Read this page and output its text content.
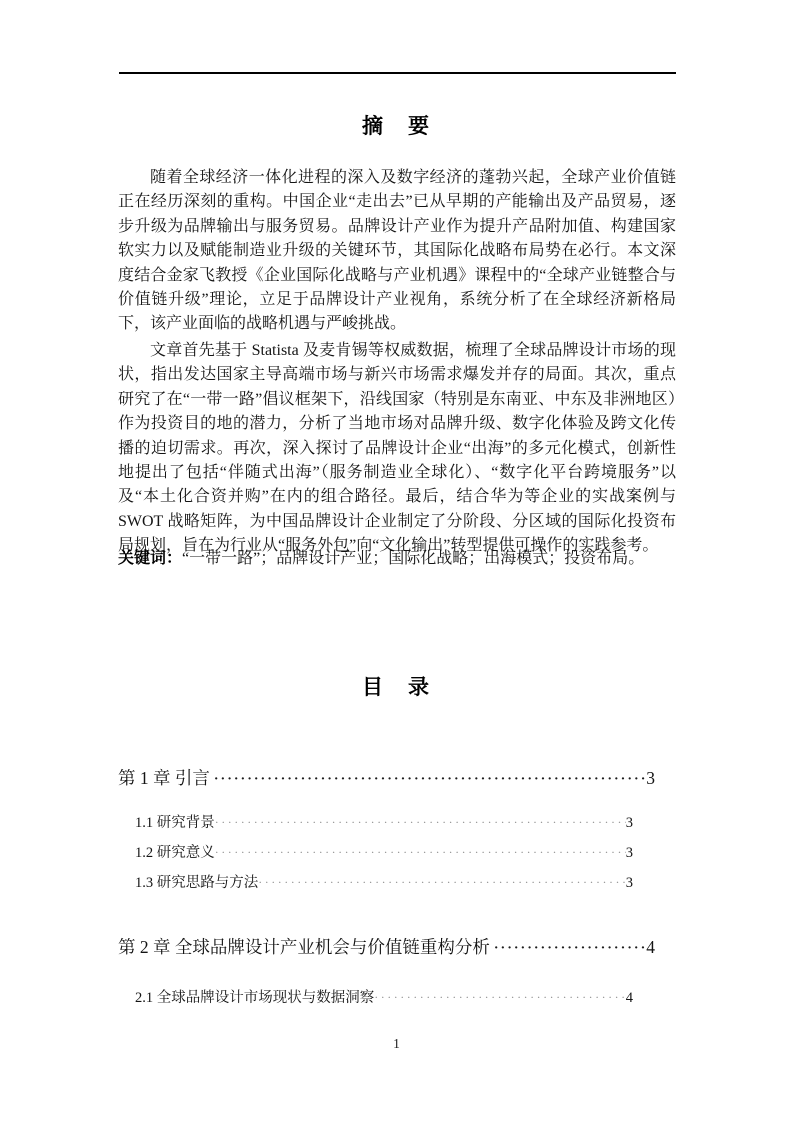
摘　要

随着全球经济一体化进程的深入及数字经济的蓬勃兴起，全球产业价值链正在经历深刻的重构。中国企业“走出去”已从早期的产能输出及产品贸易，逐步升级为品牌输出与服务贸易。品牌设计产业作为提升产品附加值、构建国家软实力以及赋能制造业升级的关键环节，其国际化战略布局势在必行。本文深度结合金家飞教授《企业国际化战略与产业机遇》课程中的“全球产业链整合与价值链升级”理论，立足于品牌设计产业视角，系统分析了在全球经济新格局下，该产业面临的战略机遇与严峻挑战。

文章首先基于 Statista 及麦肯锡等权威数据，梳理了全球品牌设计市场的现状，指出发达国家主导高端市场与新兴市场需求爆发并存的局面。其次，重点研究了在“一带一路”倡议框架下，沿线国家（特别是东南亚、中东及非洲地区）作为投资目的地的潜力，分析了当地市场对品牌升级、数字化体验及跨文化传播的迫切需求。再次，深入探讨了品牌设计企业“出海”的多元化模式，创新性地提出了包括“伴随式出海”（服务制造业全球化）、“数字化平台跨境服务”以及“本土化合资并购”在内的组合路径。最后，结合华为等企业的实战案例与 SWOT 战略矩阵，为中国品牌设计企业制定了分阶段、分区域的国际化投资布局规划，旨在为行业从“服务外包”向“文化输出”转型提供可操作的实践参考。

关键词：“一带一路”；品牌设计产业；国际化战略；出海模式；投资布局。
目　录
第 1 章 引言 ·····	3
1.1 研究背景 ·····	3
1.2 研究意义 ·····	3
1.3 研究思路与方法 ·····	3
第 2 章 全球品牌设计产业机会与价值链重构分析 ·····	4
2.1 全球品牌设计市场现状与数据洞察 ·····	4
1
